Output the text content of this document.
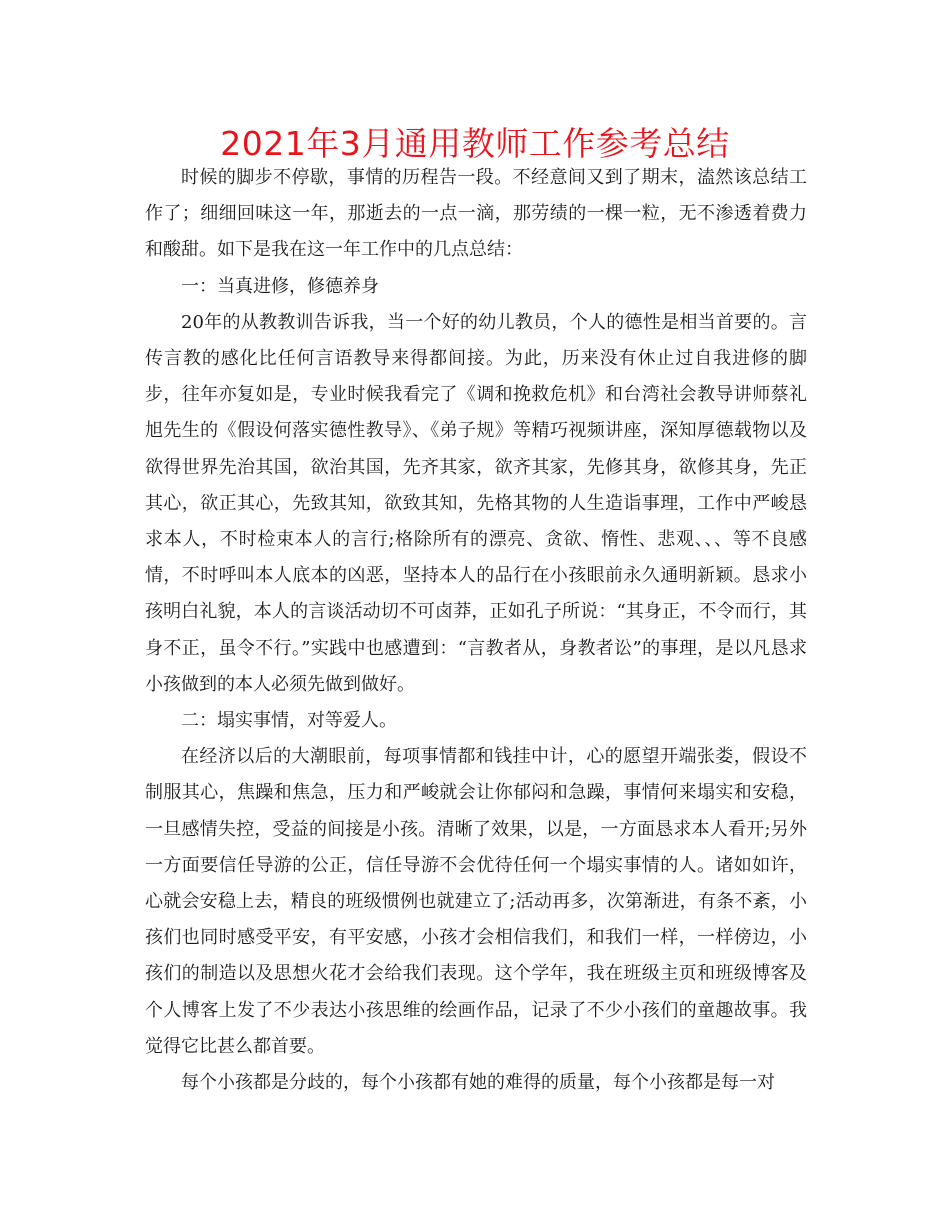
2021年3月通用教师工作参考总结

时候的脚步不停歇，事情的历程告一段。不经意间又到了期末，溘然该总结工作了；细细回味这一年，那逝去的一点一滴，那劳绩的一棵一粒，无不渗透着费力和酸甜。如下是我在这一年工作中的几点总结：

一：当真进修，修德养身

20年的从教教训告诉我，当一个好的幼儿教员，个人的德性是相当首要的。言传言教的感化比任何言语教导来得都间接。为此，历来没有休止过自我进修的脚步，往年亦复如是，专业时候我看完了《调和挽救危机》和台湾社会教导讲师蔡礼旭先生的《假设何落实德性教导》、《弟子规》等精巧视频讲座，深知厚德载物以及欲得世界先治其国，欲治其国，先齐其家，欲齐其家，先修其身，欲修其身，先正其心，欲正其心，先致其知，欲致其知，先格其物的人生造诣事理，工作中严峻恳求本人，不时检束本人的言行;格除所有的漂亮、贪欲、惰性、悲观、、、等不良感情，不时呼叫本人底本的凶恶，坚持本人的品行在小孩眼前永久通明新颖。恳求小孩明白礼貌，本人的言谈活动切不可卤莽，正如孔子所说：“其身正，不令而行，其身不正，虽令不行。”实践中也感遭到：“言教者从，身教者讼”的事理，是以凡恳求小孩做到的本人必须先做到做好。

二：塌实事情，对等爱人。

在经济以后的大潮眼前，每项事情都和钱挂中计，心的愿望开端张娄，假设不制服其心，焦躁和焦急，压力和严峻就会让你郁闷和急躁，事情何来塌实和安稳，一旦感情失控，受益的间接是小孩。清晰了效果，以是，一方面恳求本人看开;另外一方面要信任导游的公正，信任导游不会优待任何一个塌实事情的人。诸如如许，心就会安稳上去，精良的班级惯例也就建立了;活动再多，次第渐进，有条不紊，小孩们也同时感受平安，有平安感，小孩才会相信我们，和我们一样，一样傍边，小孩们的制造以及思想火花才会给我们表现。这个学年，我在班级主页和班级博客及个人博客上发了不少表达小孩思维的绘画作品，记录了不少小孩们的童趣故事。我觉得它比甚么都首要。

每个小孩都是分歧的，每个小孩都有她的难得的质量，每个小孩都是每一对
